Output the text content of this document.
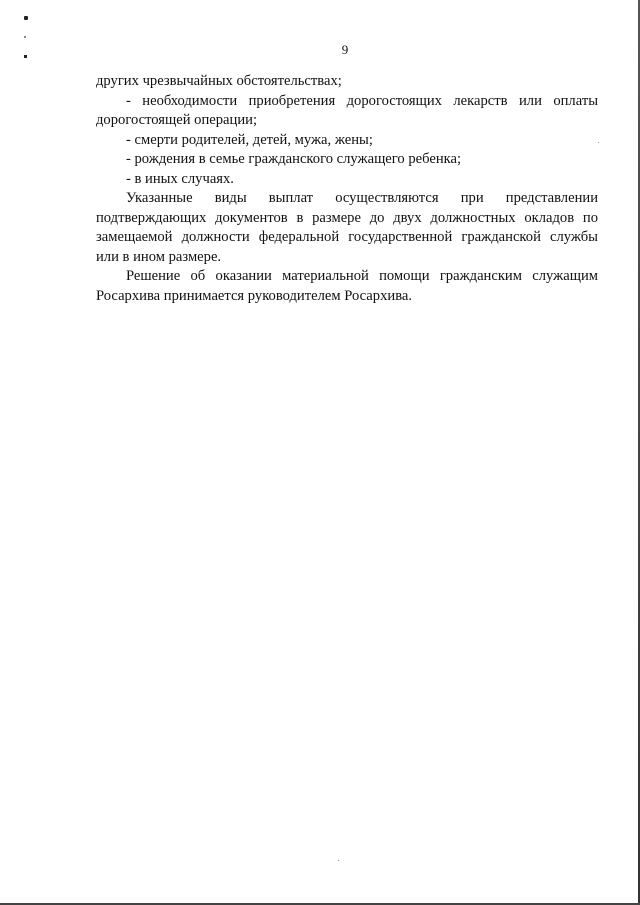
9

других чрезвычайных обстоятельствах;

- необходимости приобретения дорогостоящих лекарств или оплаты

дорогостоящей операции;

- смерти родителей, детей, мужа, жены;

- рождения в семье гражданского служащего ребенка;

- в иных случаях.

Указанные виды выплат осуществляются при представлении

подтверждающих документов в размере до двух должностных окладов по

замещаемой должности федеральной государственной гражданской службы

или в ином размере.

Решение об оказании материальной помощи гражданским служащим

Росархива принимается руководителем Росархива.
